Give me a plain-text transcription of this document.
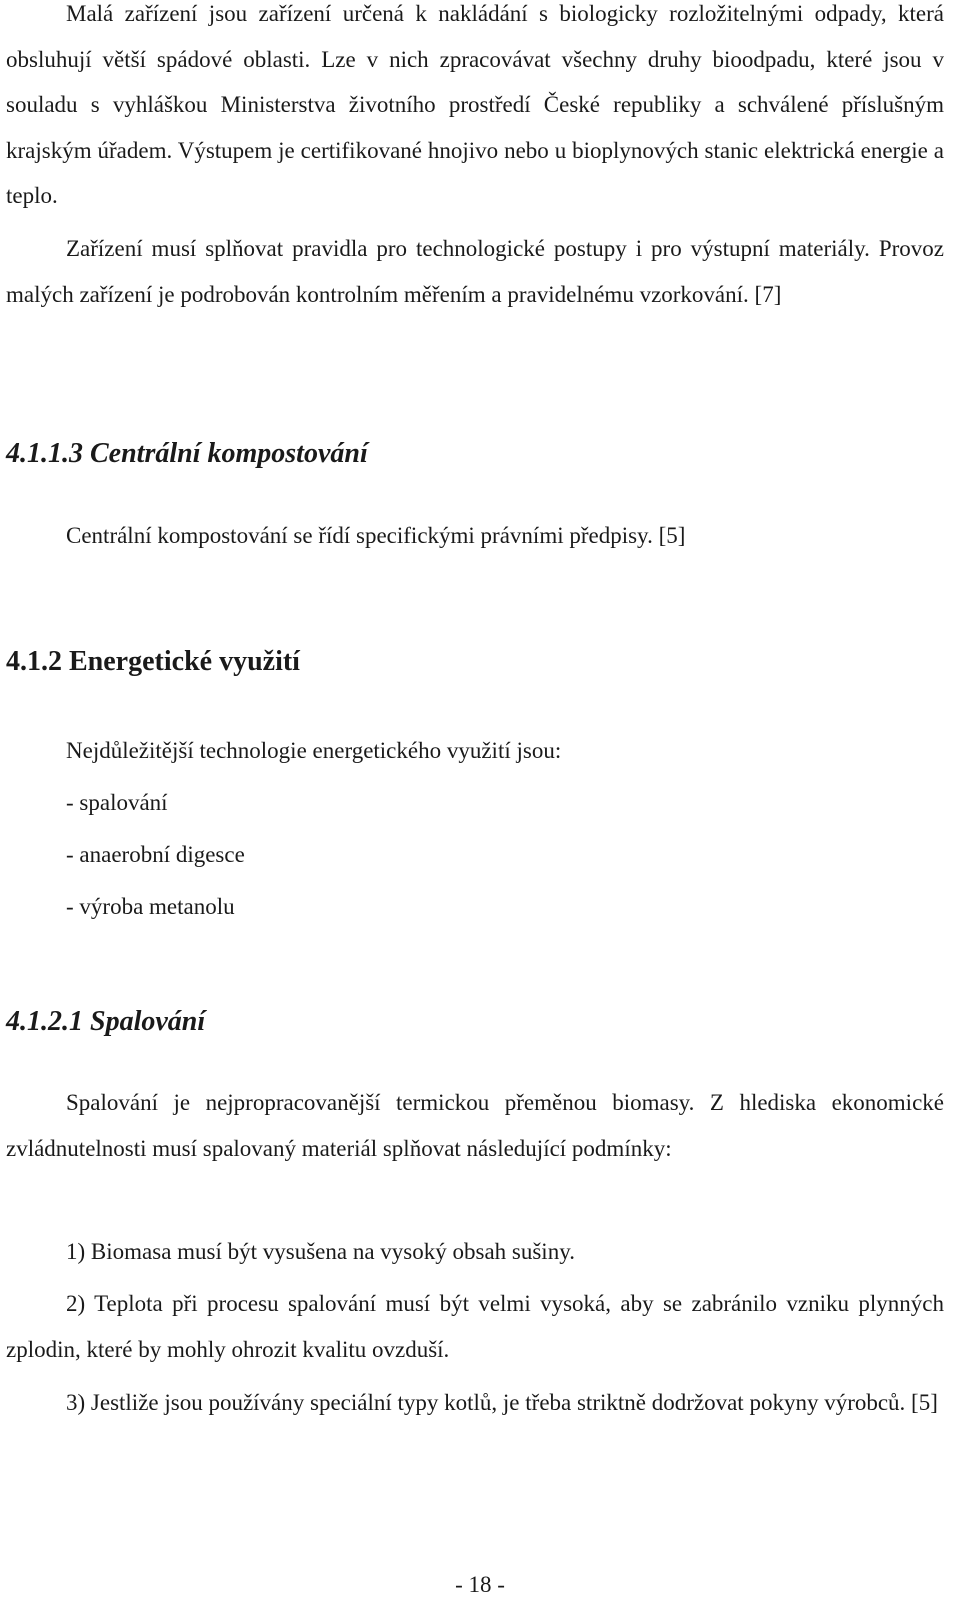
Malá zařízení jsou zařízení určená k nakládání s biologicky rozložitelnými odpady, která obsluhují větší spádové oblasti. Lze v nich zpracovávat všechny druhy bioodpadu, které jsou v souladu s vyhláškou Ministerstva životního prostředí České republiky a schválené příslušným krajským úřadem. Výstupem je certifikované hnojivo nebo u bioplynových stanic elektrická energie a teplo.

Zařízení musí splňovat pravidla pro technologické postupy i pro výstupní materiály. Provoz malých zařízení je podrobován kontrolním měřením a pravidelnému vzorkování. [7]

4.1.1.3 Centrální kompostování

Centrální kompostování se řídí specifickými právními předpisy. [5]

4.1.2 Energetické využití

Nejdůležitější technologie energetického využití jsou:

- spalování

- anaerobní digesce

- výroba metanolu

4.1.2.1 Spalování

Spalování je nejpropracovanější termickou přeměnou biomasy. Z hlediska ekonomické zvládnutelnosti musí spalovaný materiál splňovat následující podmínky:

1) Biomasa musí být vysušena na vysoký obsah sušiny.

2) Teplota při procesu spalování musí být velmi vysoká, aby se zabránilo vzniku plynných zplodin, které by mohly ohrozit kvalitu ovzduší.

3) Jestliže jsou používány speciální typy kotlů, je třeba striktně dodržovat pokyny výrobců. [5]

- 18 -
